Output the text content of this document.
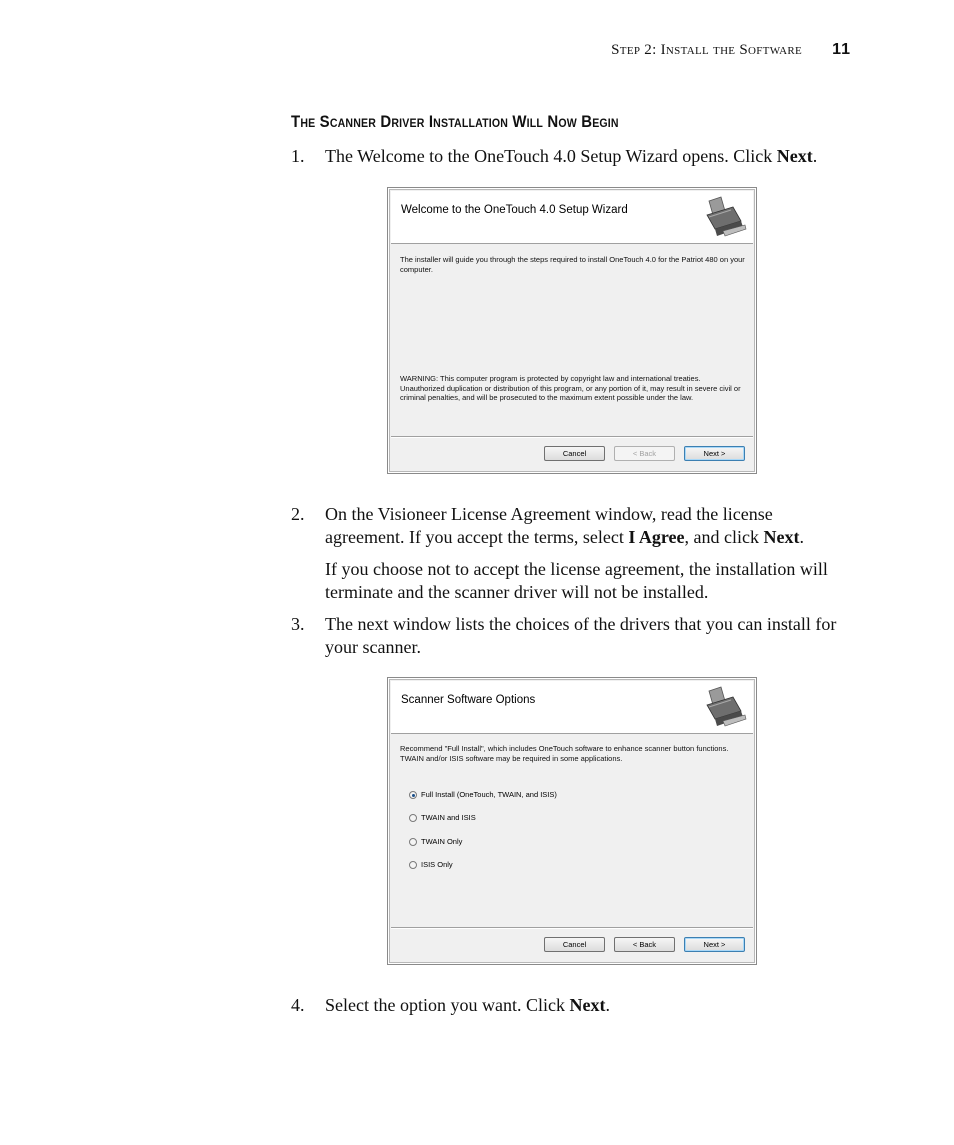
Step 2: Install the Software 11
The Scanner Driver Installation Will Now Begin
1. The Welcome to the OneTouch 4.0 Setup Wizard opens. Click Next.

Welcome to the OneTouch 4.0 Setup Wizard
The installer will guide you through the steps required to install OneTouch 4.0 for the Patriot 480 on your computer.
WARNING: This computer program is protected by copyright law and international treaties. Unauthorized duplication or distribution of this program, or any portion of it, may result in severe civil or criminal penalties, and will be prosecuted to the maximum extent possible under the law.
Cancel	< Back	Next >
2. On the Visioneer License Agreement window, read the license agreement. If you accept the terms, select I Agree, and click Next.

If you choose not to accept the license agreement, the installation will terminate and the scanner driver will not be installed.

3. The next window lists the choices of the drivers that you can install for your scanner.

Scanner Software Options
Recommend "Full Install", which includes OneTouch software to enhance scanner button functions. TWAIN and/or ISIS software may be required in some applications.
Full Install (OneTouch, TWAIN, and ISIS)
TWAIN and ISIS
TWAIN Only
ISIS Only
Cancel	< Back	Next >
4. Select the option you want. Click Next.
